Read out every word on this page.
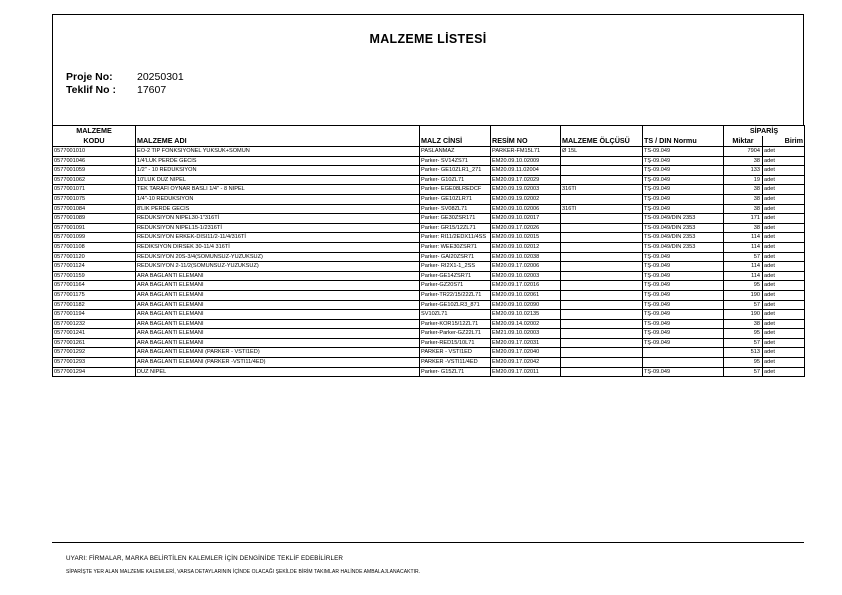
MALZEME LİSTESİ
Proje No: 20250301
Teklif No : 17607
MALZEME						SİPARİŞ	
KODU	MALZEME ADI	MALZ CİNSİ	RESİM NO	MALZEME ÖLÇÜSÜ	TS / DIN Normu	Miktar	Birim
0577001010	EO-2 TIP FONKSIYONEL YUKSUK+SOMUN	PASLANMAZ	PARKER-FM15L71	Ø 15L	TS-09.049	7904	adet
0577001046	1/4'LUK PERDE GECIS	Parker- SV14ZS71	EM20.09.10.02009		TŞ-09.049	38	adet
0577001059	1/2" - 10 REDUKSIYON	Parker- GE10ZLR1_271	EM20.09.11.02004		TŞ-09.049	133	adet
0577001062	10'LUK DUZ NIPEL	Parker- G10ZL71	EM20.09.17.02029		TŞ-09.049	19	adet
0577001071	TEK TARAFI OYNAR BASLI 1/4" - 8 NIPEL	Parker- EGE08LREDCF	EM20.09.19.02003	316TI	TŞ-09.049	38	adet
0577001075	1/4"-10 REDUKSIYON	Parker- GE10ZLR71	EM20.09.19.02002		TŞ-09.049	38	adet
0577001084	8'LIK PERDE GECIS	Parker- SV08ZL71	EM20.09.10.02006	316TI	TŞ-09.049	38	adet
0577001089	REDUKSIYON NIPEL30-1"316Tİ	Parker: GE30ZSR171	EM20.09.10.02017		TS-09.049/DIN 2353	171	adet
0577001091	REDUKSIYON NIPEL15-1/2316Tİ	Parker: GR15/12ZL71	EM20.09.17.02026		TS-09.049/DIN 2353	38	adet
0577001099	REDUKSIYON ERKEK-DISI11/2-11/4/316Tİ	Parker: RI11/2EDX11/4SS	EM20.09.10.02015		TS-09.049/DIN 2353	114	adet
0577001108	REDIKSIYON DIRSEK 30-11/4 316Tİ	Parker: WEE30ZSR71	EM20.09.10.02012		TS-09.049/DIN 2353	114	adet
0577001120	REDUKSIYON 20S-3/4(SOMUNSUZ-YUZUKSUZ)	Parker- GAI20ZSR71	EM20.09.10.02038		TŞ-09.049	57	adet
0577001124	REDUKSIYON 2-11/2(SOMUNSUZ-YUZUKSUZ)	Parker- RI2X1-1_2SS	EM20.09.17.02006		TŞ-09.049	114	adet
0577001159	ARA BAGLANTI ELEMANI	Parker-GE14ZSR71	EM20.09.10.02003		TŞ-09.049	114	adet
0577001164	ARA BAGLANTI ELEMANI	Parker-GZ20S71	EM20.09.17.02016		TŞ-09.049	95	adet
0577001175	ARA BAGLANTI ELEMANI	Parker-TR22/15/22ZL71	EM20.09.10.02061		TŞ-09.049	190	adet
0577001182	ARA BAGLANTI ELEMANI	Parker-GE10ZLR3_871	EM20.09.10.02090		TŞ-09.049	57	adet
0577001194	ARA BAGLANTI ELEMANI	SV10ZL71	EM20.09.10.02135		TŞ-09.049	190	adet
0577001232	ARA BAGLANTI ELEMANI	Parker-KOR15/12ZL71	EM20.09.14.02002		TS-09.049	38	adet
0577001241	ARA BAGLANTI ELEMANI	Parker-Parker-GZ22L71	EM21.09.10.02003		TŞ-09.049	95	adet
0577001261	ARA BAGLANTI ELEMANI	Parker-RED15/10L71	EM20.09.17.02031		TŞ-09.049	57	adet
0577001292	ARA BAGLANTI ELEMANI (PARKER - VSTI1ED)	PARKER - VSTI1ED	EM20.09.17.02040			513	adet
0577001293	ARA BAGLANTI ELEMANI (PARKER -VSTI11/4ED)	PARKER -VSTI11/4ED	EM20.09.17.02042			95	adet
0577001294	DUZ NIPEL	Parker- G15ZL71	EM20.09.17.02011		TŞ-09.049	57	adet
UYARI: FİRMALAR, MARKA BELİRTİLEN KALEMLER İÇİN DENGİNİDE TEKLİF EDEBİLİRLER
SİPARİŞTE YER ALAN MALZEME KALEMLERİ, VARSA DETAYLARININ İÇİNDE OLACAĞI ŞEKİLDE BİRİM TAKIMLAR HALİNDE AMBALAJLANACAKTIR.
